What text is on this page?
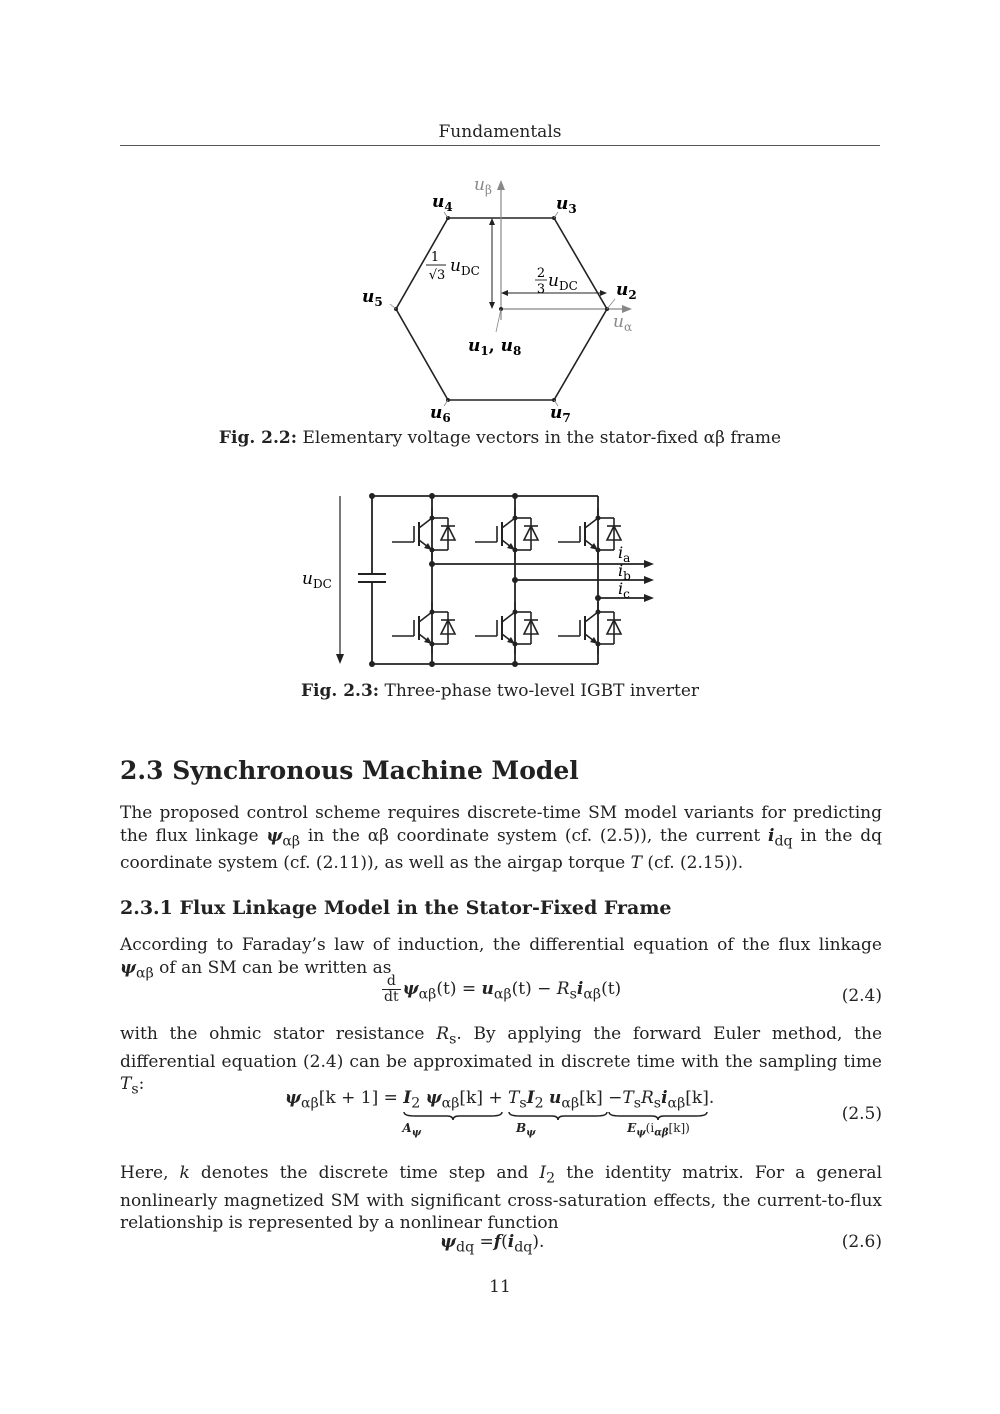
Fundamentals
$u_4$	$u_3$
$u_5$
$u_2$
$u_6$	$u_7$
$u_1$, $u_8$
$u_\beta$
$u_\alpha$
1
√3 $u_{DC}$	2
3 $u_{DC}$
Fig. 2.2: Elementary voltage vectors in the stator-fixed αβ frame
$u_{DC}$
$i_a$
$i_b$
$i_c$
Fig. 2.3: Three-phase two-level IGBT inverter
2.3 Synchronous Machine Model

The proposed control scheme requires discrete-time SM model variants for predicting the flux linkage $\psi_{\alpha\beta}$ in the αβ coordinate system (cf. (2.5)), the current $i_{dq}$ in the dq coordinate system (cf. (2.11)), as well as the airgap torque T (cf. (2.15)).

2.3.1 Flux Linkage Model in the Stator-Fixed Frame

According to Faraday’s law of induction, the differential equation of the flux linkage $\psi_{\alpha\beta}$ of an SM can be written as

$\frac{d}{dt} \psi_{\alpha\beta}(t) = u_{\alpha\beta}(t) - R_si_{\alpha\beta}(t)$	(2.4)

with the ohmic stator resistance $R_s$. By applying the forward Euler method, the differential equation (2.4) can be approximated in discrete time with the sampling time $T_s$:

$\psi_{\alpha\beta}[k + 1] = I_2$
$A_\psi$
$\psi_{\alpha\beta}[k] + T_sI_2$
$B_\psi$
$u_{\alpha\beta}[k] -T_sR_si_{\alpha\beta}[k]$
$E_\psi(i_{\alpha\beta}[k])$
.
(2.5)

Here, k denotes the discrete time step and $I_2$ the identity matrix. For a general nonlinearly magnetized SM with significant cross-saturation effects, the current-to-flux relationship is represented by a nonlinear function

$\psi_{dq} =f(i_{dq})$.	(2.6)
11
